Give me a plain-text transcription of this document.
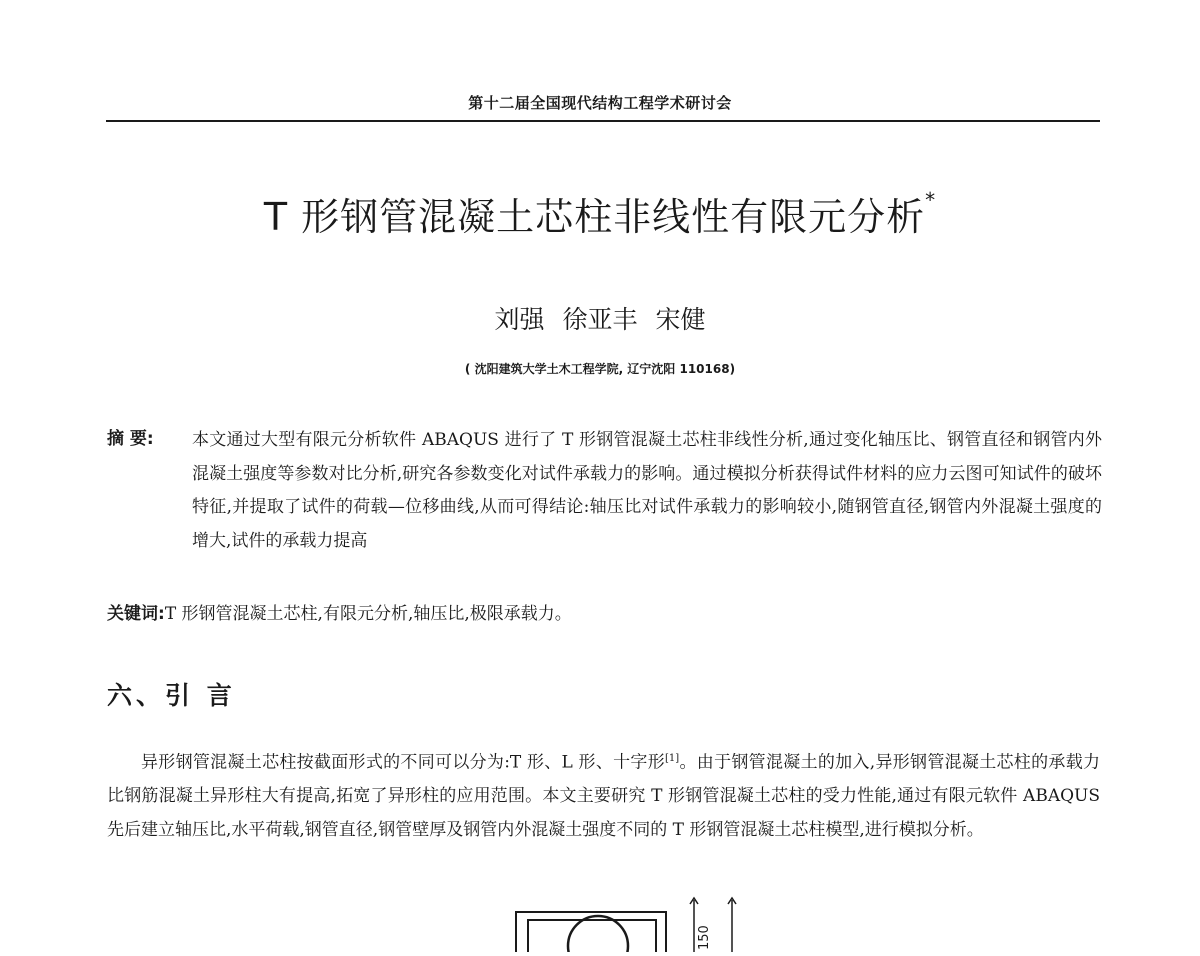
第十二届全国现代结构工程学术研讨会
T 形钢管混凝土芯柱非线性有限元分析*
刘强 徐亚丰 宋健
( 沈阳建筑大学土木工程学院, 辽宁沈阳 110168)
摘 要: 本文通过大型有限元分析软件 ABAQUS 进行了 T 形钢管混凝土芯柱非线性分析,通过变化轴压比、钢管直径和钢管内外混凝土强度等参数对比分析,研究各参数变化对试件承载力的影响。通过模拟分析获得试件材料的应力云图可知试件的破坏特征,并提取了试件的荷载—位移曲线,从而可得结论:轴压比对试件承载力的影响较小,随钢管直径,钢管内外混凝土强度的增大,试件的承载力提高
关键词:T 形钢管混凝土芯柱,有限元分析,轴压比,极限承载力。
六、引 言
异形钢管混凝土芯柱按截面形式的不同可以分为:T 形、L 形、十字形[1]。由于钢管混凝土的加入,异形钢管混凝土芯柱的承载力比钢筋混凝土异形柱大有提高,拓宽了异形柱的应用范围。本文主要研究 T 形钢管混凝土芯柱的受力性能,通过有限元软件 ABAQUS 先后建立轴压比,水平荷载,钢管直径,钢管壁厚及钢管内外混凝土强度不同的 T 形钢管混凝土芯柱模型,进行模拟分析。
150
